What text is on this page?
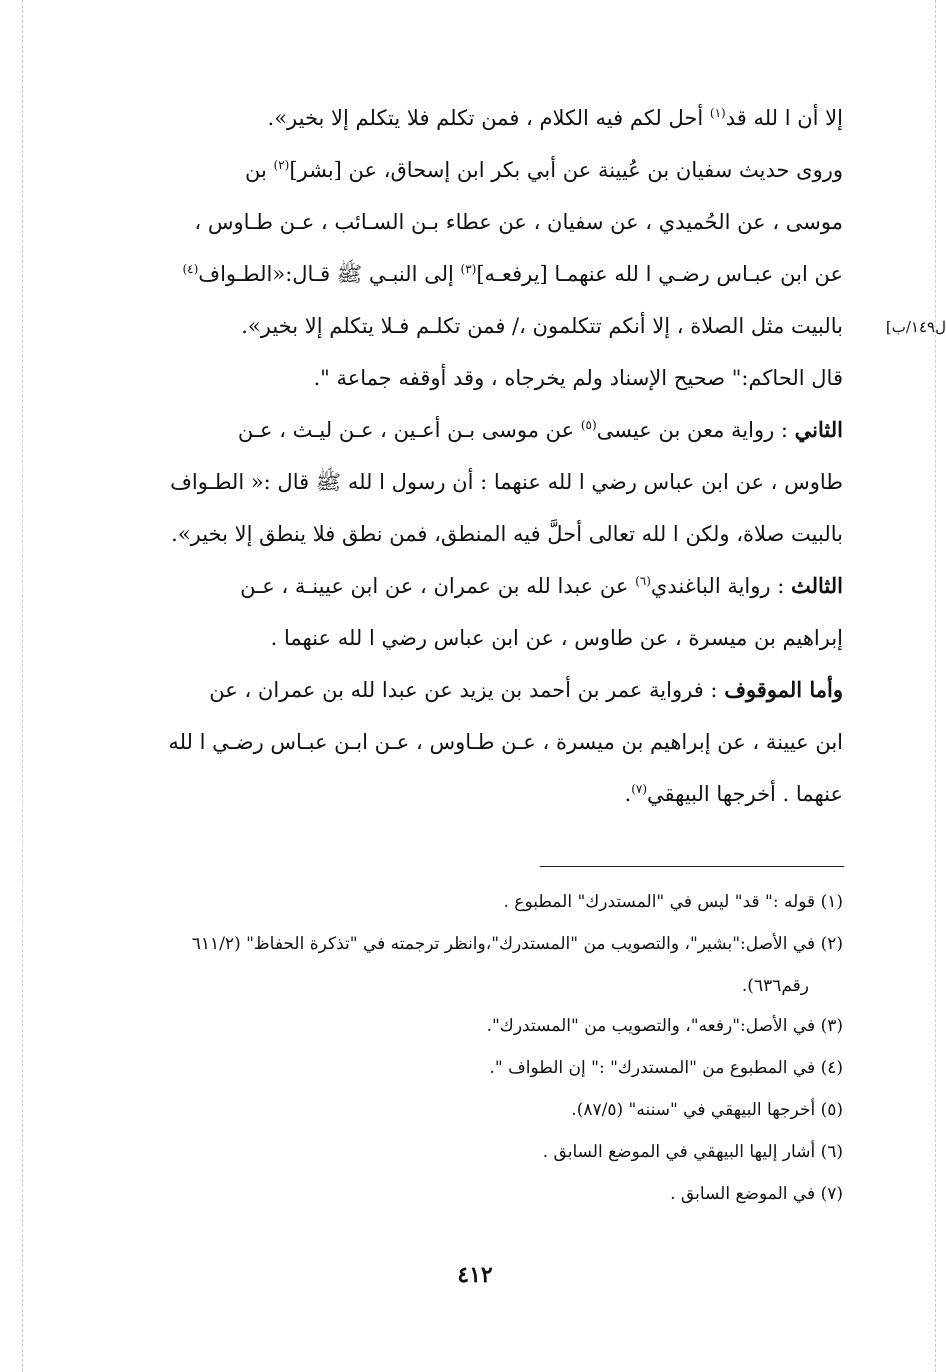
ل١٤٩/ب]
إلا أن ا لله قد$^{(١)}$ أحل لكم فيه الكلام ، فمن تكلم فلا يتكلم إلا بخير».
وروى حديث سفيان بن عُيينة عن أبي بكر ابن إسحاق، عن [بشر]$^{(٢)}$ بن
موسى ، عن الحُميدي ، عن سفيان ، عن عطاء بـن السـائب ، عـن طـاوس ،
عن ابن عبـاس رضـي ا لله عنهمـا [يرفعـه]$^{(٣)}$ إلى النبـي ﷺ قـال:«الطـواف$^{(٤)}$
بالبيت مثل الصلاة ، إلا أنكم تتكلمون ،/ فمن تكلـم فـلا يتكلم إلا بخير».
قال الحاكم:" صحيح الإسناد ولم يخرجاه ، وقد أوقفه جماعة ".
الثاني : رواية معن بن عيسى$^{(٥)}$ عن موسى بـن أعـين ، عـن ليـث ، عـن
طاوس ، عن ابن عباس رضي ا لله عنهما : أن رسول ا لله ﷺ قال :« الطـواف
بالبيت صلاة، ولكن ا لله تعالى أحلَّ فيه المنطق، فمن نطق فلا ينطق إلا بخير».
الثالث : رواية الباغندي$^{(٦)}$ عن عبدا لله بن عمران ، عن ابن عيينـة ، عـن
إبراهيم بن ميسرة ، عن طاوس ، عن ابن عباس رضي ا لله عنهما .
وأما الموقوف : فرواية عمر بن أحمد بن يزيد عن عبدا لله بن عمران ، عن
ابن عيينة ، عن إبراهيم بن ميسرة ، عـن طـاوس ، عـن ابـن عبـاس رضـي ا لله
عنهما . أخرجها البيهقي$^{(٧)}$.
(١) قوله :" قد" ليس في "المستدرك" المطبوع .
(٢) في الأصل:"بشير"، والتصويب من "المستدرك"،وانظر ترجمته في "تذكرة الحفاظ" (٦١١/٢
رقم٦٣٦).
(٣) في الأصل:"رفعه"، والتصويب من "المستدرك".
(٤) في المطبوع من "المستدرك" :" إن الطواف ".
(٥) أخرجها البيهقي في "سننه" (٨٧/٥).
(٦) أشار إليها البيهقي في الموضع السابق .
(٧) في الموضع السابق .
٤١٢
